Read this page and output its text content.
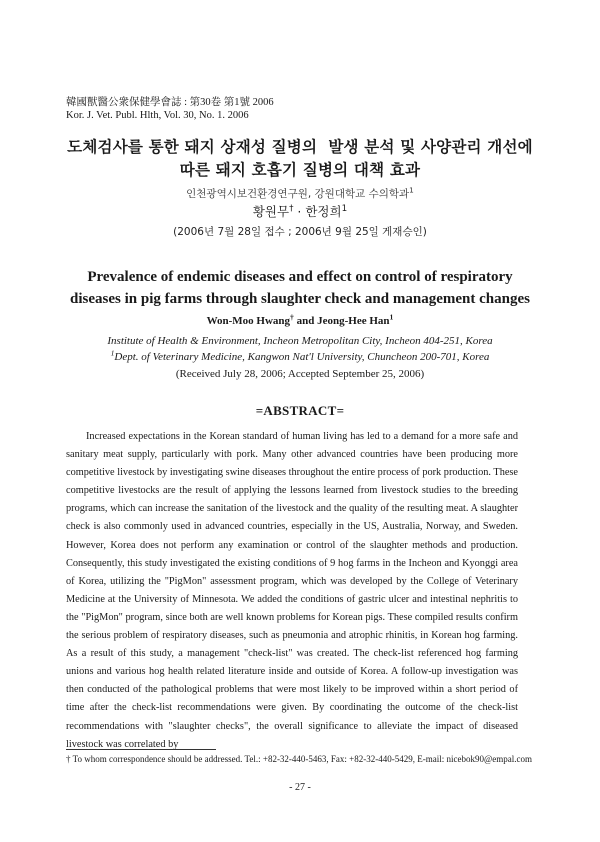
韓國獸醫公衆保健學會誌 : 第30卷 第1號 2006
Kor. J. Vet. Publ. Hlth, Vol. 30, No. 1. 2006
도체검사를 통한 돼지 상재성 질병의  발생 분석 및 사양관리 개선에
따른 돼지 호흡기 질병의 대책 효과
인천광역시보건환경연구원, 강원대학교 수의학과$^1$
황원무† · 한정희$^1$
(2006년 7월 28일 접수 ; 2006년 9월 25일 게재승인)
Prevalence of endemic diseases and effect on control of respiratory
diseases in pig farms through slaughter check and management changes
Won-Moo Hwang† and Jeong-Hee Han$^1$
Institute of Health & Environment, Incheon Metropolitan City, Incheon 404-251, Korea
$^1$Dept. of Veterinary Medicine, Kangwon Nat'l University, Chuncheon 200-701, Korea
(Received July 28, 2006; Accepted September 25, 2006)
=ABSTRACT=

Increased expectations in the Korean standard of human living has led to a demand for a more safe and sanitary meat supply, particularly with pork. Many other advanced countries have been producing more competitive livestock by investigating swine diseases throughout the entire process of pork production. These competitive livestocks are the result of applying the lessons learned from livestock studies to the breeding programs, which can increase the sanitation of the livestock and the quality of the resulting meat. A slaughter check is also commonly used in advanced countries, especially in the US, Australia, Norway, and Sweden. However, Korea does not perform any examination or control of the slaughter methods and production. Consequently, this study investigated the existing conditions of 9 hog farms in the Incheon and Kyonggi area of Korea, utilizing the "PigMon" assessment program, which was developed by the College of Veterinary Medicine at the University of Minnesota. We added the conditions of gastric ulcer and intestinal nephritis to the "PigMon" program, since both are well known problems for Korean pigs. These compiled results confirm the serious problem of respiratory diseases, such as pneumonia and atrophic rhinitis, in Korean hog farming. As a result of this study, a management "check-list" was created. The check-list referenced hog farming unions and various hog health related literature inside and outside of Korea. A follow-up investigation was then conducted of the pathological problems that were most likely to be improved within a short period of time after the check-list recommendations were given. By coordinating the outcome of the check-list recommendations with "slaughter checks", the overall significance to alleviate the impact of diseased livestock was correlated by

† To whom correspondence should be addressed. Tel.: +82-32-440-5463, Fax: +82-32-440-5429, E-mail: nicebok90@empal.com
- 27 -
